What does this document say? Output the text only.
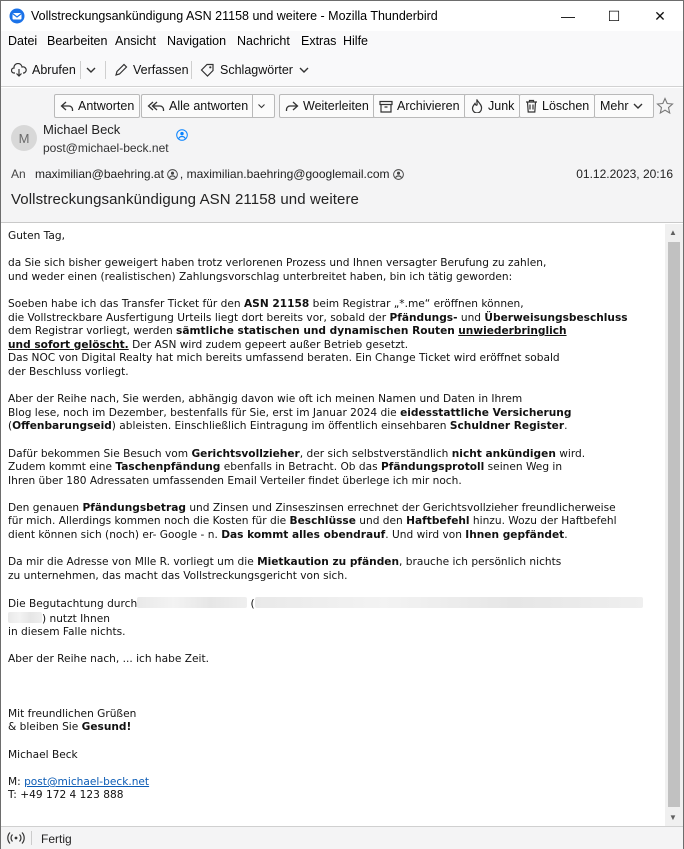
Vollstreckungsankündigung ASN 21158 und weitere - Mozilla Thunderbird	— ☐ ✕
Datei Bearbeiten Ansicht Navigation Nachricht Extras Hilfe
Abrufen	Verfassen	Schlagwörter
Antworten	Alle antworten	Weiterleiten Archivieren Junk Löschen Mehr
M
Michael Beck
post@michael-beck.net
An maximilian@baehring.at , maximilian.baehring@googlemail.com	01.12.2023, 20:16
Vollstreckungsankündigung ASN 21158 und weitere

Guten Tag,

da Sie sich bisher geweigert haben trotz verlorenen Prozess und Ihnen versagter Berufung zu zahlen,
und weder einen (realistischen) Zahlungsvorschlag unterbreitet haben, bin ich tätig geworden:

Soeben habe ich das Transfer Ticket für den ASN 21158 beim Registrar „*.me“ eröffnen können,
die Vollstreckbare Ausfertigung Urteils liegt dort bereits vor, sobald der Pfändungs- und Überweisungsbeschluss
dem Registrar vorliegt, werden sämtliche statischen und dynamischen Routen unwiederbringlich
und sofort gelöscht. Der ASN wird zudem gepeert außer Betrieb gesetzt.
Das NOC von Digital Realty hat mich bereits umfassend beraten. Ein Change Ticket wird eröffnet sobald
der Beschluss vorliegt.

Aber der Reihe nach, Sie werden, abhängig davon wie oft ich meinen Namen und Daten in Ihrem
Blog lese, noch im Dezember, bestenfalls für Sie, erst im Januar 2024 die eidesstattliche Versicherung
(Offenbarungseid) ableisten. Einschließlich Eintragung im öffentlich einsehbaren Schuldner Register.

Dafür bekommen Sie Besuch vom Gerichtsvollzieher, der sich selbstverständlich nicht ankündigen wird.
Zudem kommt eine Taschenpfändung ebenfalls in Betracht. Ob das Pfändungsprotoll seinen Weg in
Ihren über 180 Adressaten umfassenden Email Verteiler findet überlege ich mir noch.

Den genauen Pfändungsbetrag und Zinsen und Zinseszinsen errechnet der Gerichtsvollzieher freundlicherweise
für mich. Allerdings kommen noch die Kosten für die Beschlüsse und den Haftbefehl hinzu. Wozu der Haftbefehl
dient können sich (noch) er- Google - n. Das kommt alles obendrauf. Und wird von Ihnen gepfändet.

Da mir die Adresse von Mlle R. vorliegt um die Mietkaution zu pfänden, brauche ich persönlich nichts
zu unternehmen, das macht das Vollstreckungsgericht von sich.

Die Begutachtung durch	(
) nutzt Ihnen
in diesem Falle nichts.

Aber der Reihe nach, ... ich habe Zeit.

Mit freundlichen Grüßen
& bleiben Sie Gesund!

Michael Beck

M: post@michael-beck.net
T: +49 172 4 123 888

▲
▼
Fertig
